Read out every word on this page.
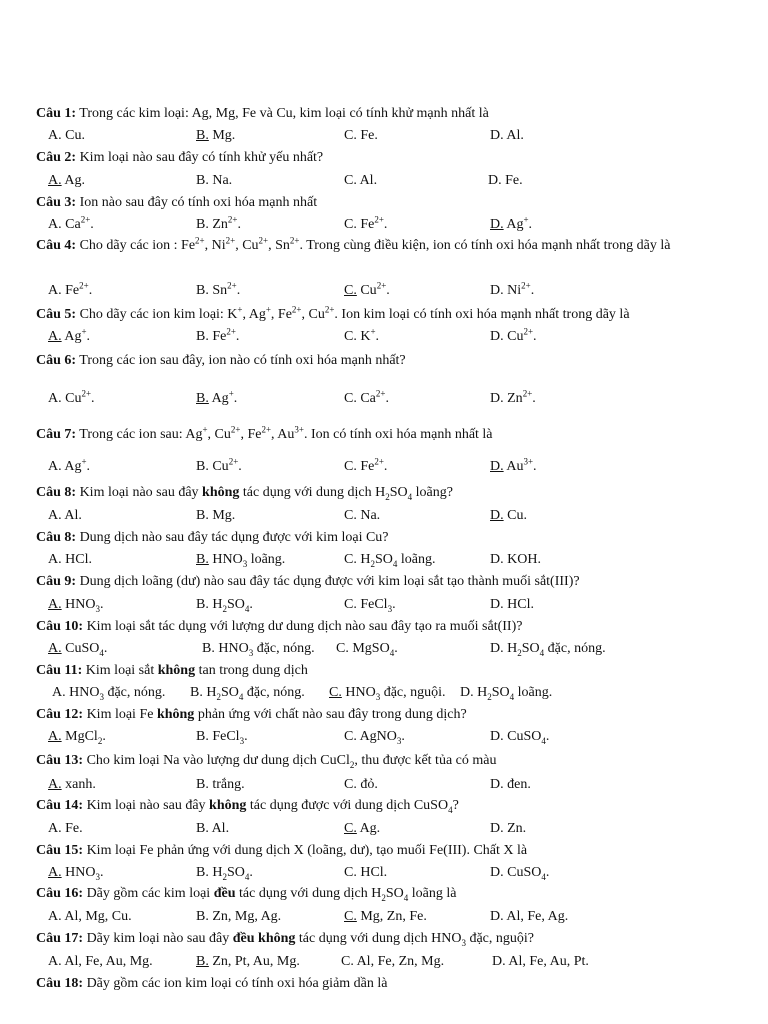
Câu 1: Trong các kim loại: Ag, Mg, Fe và Cu, kim loại có tính khử mạnh nhất là
A. Cu.	B. Mg.	C. Fe.	D. Al.
Câu 2: Kim loại nào sau đây có tính khử yếu nhất?
A. Ag.	B. Na.	C. Al.	D. Fe.
Câu 3: Ion nào sau đây có tính oxi hóa mạnh nhất
A. $Ca^{2+}$.	B. $Zn^{2+}$.	C. $Fe^{2+}$.	D. Ag+.
Câu 4: Cho dãy các ion : $Fe^{2+}$, $Ni^{2+}$, $Cu^{2+}$, $Sn^{2+}$. Trong cùng điều kiện, ion có tính oxi hóa mạnh nhất trong dãy là
A. $Fe^{2+}$.	B. $Sn^{2+}$.	C. $Cu^{2+}$.	D. $Ni^{2+}$.
Câu 5: Cho dãy các ion kim loại: K+, Ag+, $Fe^{2+}$, $Cu^{2+}$. Ion kim loại có tính oxi hóa mạnh nhất trong dãy là
A. Ag+.	B. $Fe^{2+}$.	C. K+.	D. $Cu^{2+}$.
Câu 6: Trong các ion sau đây, ion nào có tính oxi hóa mạnh nhất?
A. $Cu^{2+}$.	B. Ag+.	C. $Ca^{2+}$.	D. $Zn^{2+}$.
Câu 7: Trong các ion sau: Ag+, $Cu^{2+}$, $Fe^{2+}$, $Au^{3+}$. Ion có tính oxi hóa mạnh nhất là
A. Ag+.	B. $Cu^{2+}$.	C. $Fe^{2+}$.	D. $Au^{3+}$.
Câu 8: Kim loại nào sau đây không tác dụng với dung dịch $H_2SO_4$ loãng?
A. Al.	B. Mg.	C. Na.	D. Cu.
Câu 8: Dung dịch nào sau đây tác dụng được với kim loại Cu?
A. HCl.	B. $HNO_3$ loãng.	C. $H_2SO_4$ loãng.	D. KOH.
Câu 9: Dung dịch loãng (dư) nào sau đây tác dụng được với kim loại sắt tạo thành muối sắt(III)?
A. $HNO_3$.	B. $H_2SO_4$.	C. FeCl$_3$.	D. HCl.
Câu 10: Kim loại sắt tác dụng với lượng dư dung dịch nào sau đây tạo ra muối sắt(II)?
A. CuSO$_4$.	B. $HNO_3$ đặc, nóng. C. MgSO$_4$.	D. $H_2SO_4$ đặc, nóng.
Câu 11: Kim loại sắt không tan trong dung dịch
A. $HNO_3$ đặc, nóng. B. $H_2SO_4$ đặc, nóng. C. $HNO_3$ đặc, nguội. D. $H_2SO_4$ loãng.
Câu 12: Kim loại Fe không phản ứng với chất nào sau đây trong dung dịch?
A. MgCl$_2$.	B. FeCl$_3$.	C. AgNO$_3$.	D. CuSO$_4$.
Câu 13: Cho kim loại Na vào lượng dư dung dịch CuCl$_2$, thu được kết tủa có màu
A. xanh.	B. trắng.	C. đỏ.	D. đen.
Câu 14: Kim loại nào sau đây không tác dụng được với dung dịch CuSO$_4$?
A. Fe.	B. Al.	C. Ag.	D. Zn.
Câu 15: Kim loại Fe phản ứng với dung dịch X (loãng, dư), tạo muối Fe(III). Chất X là
A. $HNO_3$.	B. $H_2SO_4$.	C. HCl.	D. CuSO$_4$.
Câu 16: Dãy gồm các kim loại đều tác dụng với dung dịch $H_2SO_4$ loãng là
A. Al, Mg, Cu.	B. Zn, Mg, Ag.	C. Mg, Zn, Fe.	D. Al, Fe, Ag.
Câu 17: Dãy kim loại nào sau đây đều không tác dụng với dung dịch $HNO_3$ đặc, nguội?
A. Al, Fe, Au, Mg.	B. Zn, Pt, Au, Mg.	C. Al, Fe, Zn, Mg.	D. Al, Fe, Au, Pt.
Câu 18: Dãy gồm các ion kim loại có tính oxi hóa giảm dần là
